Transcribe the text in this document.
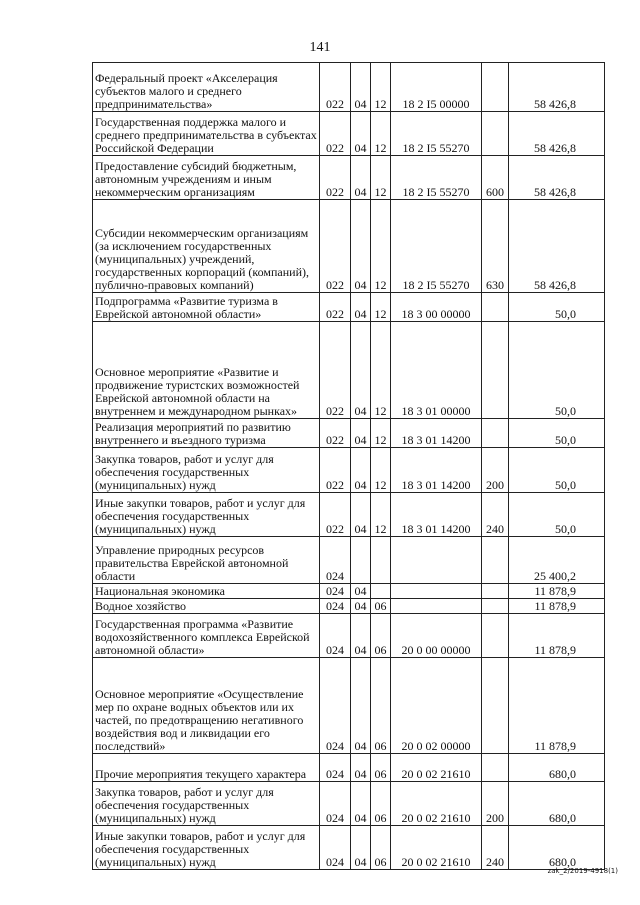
141
Федеральный проект «Акселерация субъектов малого и среднего предпринимательства»	022	04	12	18 2 I5 00000		58 426,8
Государственная поддержка малого и среднего предпринимательства в субъектах Российской Федерации	022	04	12	18 2 I5 55270		58 426,8
Предоставление субсидий бюджетным, автономным учреждениям и иным некоммерческим организациям	022	04	12	18 2 I5 55270	600	58 426,8
Субсидии некоммерческим организациям (за исключением государственных (муниципальных) учреждений, государственных корпораций (компаний), публично-правовых компаний)	022	04	12	18 2 I5 55270	630	58 426,8
Подпрограмма «Развитие туризма в Еврейской автономной области»	022	04	12	18 3 00 00000		50,0
Основное мероприятие «Развитие и продвижение туристских возможностей Еврейской автономной области на внутреннем и международном рынках»	022	04	12	18 3 01 00000		50,0
Реализация мероприятий по развитию внутреннего и въездного туризма	022	04	12	18 3 01 14200		50,0
Закупка товаров, работ и услуг для обеспечения государственных (муниципальных) нужд	022	04	12	18 3 01 14200	200	50,0
Иные закупки товаров, работ и услуг для обеспечения государственных (муниципальных) нужд	022	04	12	18 3 01 14200	240	50,0
Управление природных ресурсов правительства Еврейской автономной области	024					25 400,2
Национальная экономика	024	04				11 878,9
Водное хозяйство	024	04	06			11 878,9
Государственная программа «Развитие водохозяйственного комплекса Еврейской автономной области»	024	04	06	20 0 00 00000		11 878,9
Основное мероприятие «Осуществление мер по охране водных объектов или их частей, по предотвращению негативного воздействия вод и ликвидации его последствий»	024	04	06	20 0 02 00000		11 878,9
Прочие мероприятия текущего характера	024	04	06	20 0 02 21610		680,0
Закупка товаров, работ и услуг для обеспечения государственных (муниципальных) нужд	024	04	06	20 0 02 21610	200	680,0
Иные закупки товаров, работ и услуг для обеспечения государственных (муниципальных) нужд	024	04	06	20 0 02 21610	240	680,0
zak_2/2019-4918(1)
